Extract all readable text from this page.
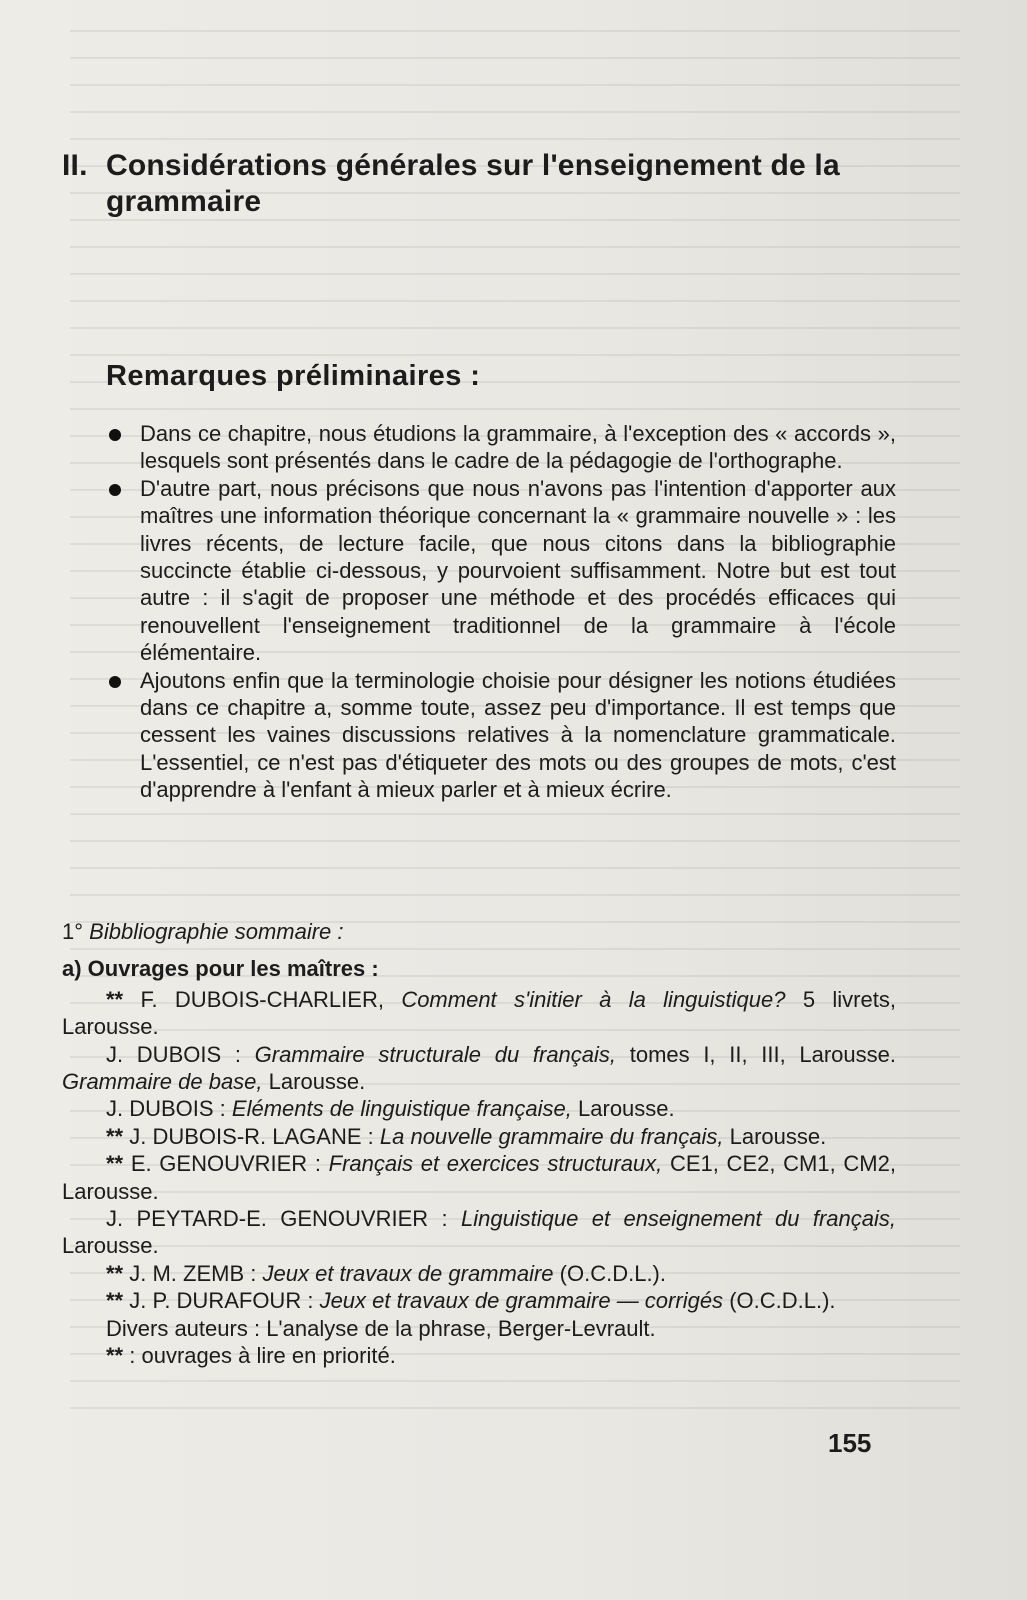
II. Considérations générales sur l'enseignement de la grammaire
Remarques préliminaires :
Dans ce chapitre, nous étudions la grammaire, à l'exception des « accords », lesquels sont présentés dans le cadre de la pédagogie de l'orthographe.
D'autre part, nous précisons que nous n'avons pas l'intention d'apporter aux maîtres une information théorique concernant la « grammaire nouvelle » : les livres récents, de lecture facile, que nous citons dans la bibliographie succincte établie ci-dessous, y pourvoient suffisamment. Notre but est tout autre : il s'agit de proposer une méthode et des procédés efficaces qui renouvellent l'enseignement traditionnel de la grammaire à l'école élémentaire.
Ajoutons enfin que la terminologie choisie pour désigner les notions étudiées dans ce chapitre a, somme toute, assez peu d'importance. Il est temps que cessent les vaines discussions relatives à la nomenclature grammaticale. L'essentiel, ce n'est pas d'étiqueter des mots ou des groupes de mots, c'est d'apprendre à l'enfant à mieux parler et à mieux écrire.

1° Bibbliographie sommaire :

a) Ouvrages pour les maîtres :

** F. DUBOIS-CHARLIER, Comment s'initier à la linguistique? 5 livrets, Larousse.

J. DUBOIS : Grammaire structurale du français, tomes I, II, III, Larousse. Grammaire de base, Larousse.

J. DUBOIS : Eléments de linguistique française, Larousse.

** J. DUBOIS-R. LAGANE : La nouvelle grammaire du français, Larousse.

** E. GENOUVRIER : Français et exercices structuraux, CE1, CE2, CM1, CM2, Larousse.

J. PEYTARD-E. GENOUVRIER : Linguistique et enseignement du français, Larousse.

** J. M. ZEMB : Jeux et travaux de grammaire (O.C.D.L.).

** J. P. DURAFOUR : Jeux et travaux de grammaire — corrigés (O.C.D.L.).

Divers auteurs : L'analyse de la phrase, Berger-Levrault.

** : ouvrages à lire en priorité.

155
